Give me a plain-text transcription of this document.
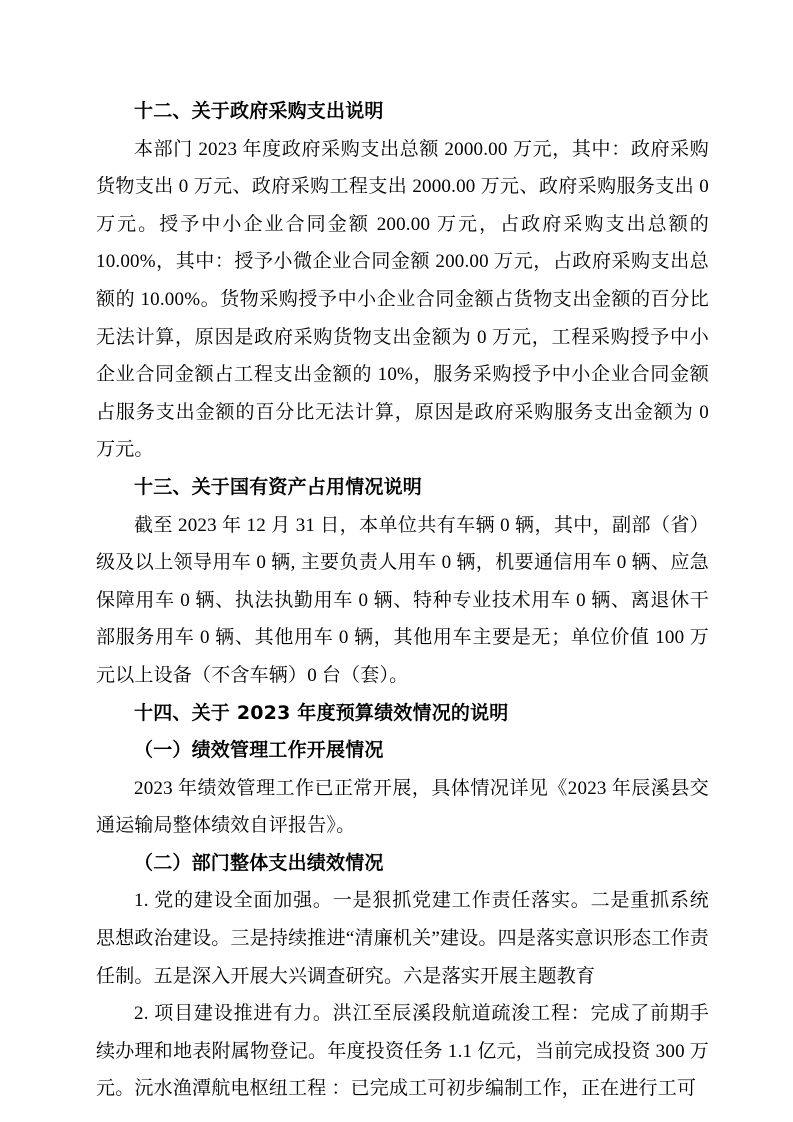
十二、关于政府采购支出说明

本部门 2023 年度政府采购支出总额 2000.00 万元，其中：政府采购货物支出 0 万元、政府采购工程支出 2000.00 万元、政府采购服务支出 0 万元。授予中小企业合同金额 200.00 万元，占政府采购支出总额的 10.00%，其中：授予小微企业合同金额 200.00 万元，占政府采购支出总额的 10.00%。货物采购授予中小企业合同金额占货物支出金额的百分比无法计算，原因是政府采购货物支出金额为 0 万元，工程采购授予中小企业合同金额占工程支出金额的 10%，服务采购授予中小企业合同金额占服务支出金额的百分比无法计算，原因是政府采购服务支出金额为 0 万元。

十三、关于国有资产占用情况说明

截至 2023 年 12 月 31 日，本单位共有车辆 0 辆，其中，副部（省）级及以上领导用车 0 辆, 主要负责人用车 0 辆，机要通信用车 0 辆、应急保障用车 0 辆、执法执勤用车 0 辆、特种专业技术用车 0 辆、离退休干部服务用车 0 辆、其他用车 0 辆，其他用车主要是无；单位价值 100 万元以上设备（不含车辆）0 台（套）。

十四、关于 2023 年度预算绩效情况的说明

（一）绩效管理工作开展情况

2023 年绩效管理工作已正常开展，具体情况详见《2023 年辰溪县交通运输局整体绩效自评报告》。

（二）部门整体支出绩效情况

1. 党的建设全面加强。一是狠抓党建工作责任落实。二是重抓系统思想政治建设。三是持续推进“清廉机关”建设。四是落实意识形态工作责任制。五是深入开展大兴调查研究。六是落实开展主题教育

2. 项目建设推进有力。洪江至辰溪段航道疏浚工程：完成了前期手续办理和地表附属物登记。年度投资任务 1.1 亿元，当前完成投资 300 万元。沅水渔潭航电枢纽工程 ：已完成工可初步编制工作，正在进行工可
